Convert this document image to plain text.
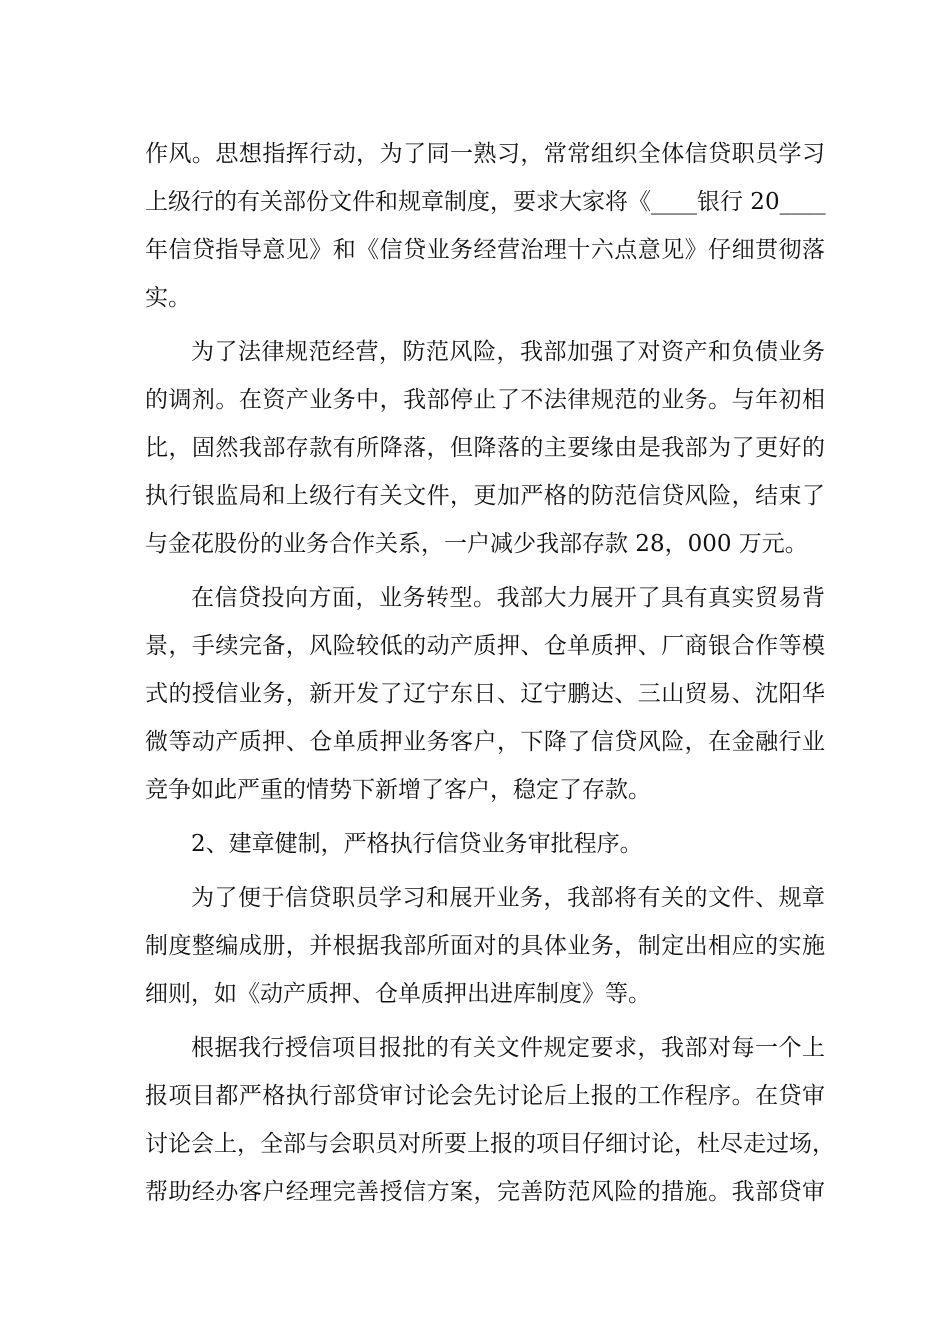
作风。思想指挥行动，为了同一熟习，常常组织全体信贷职员学习
上级行的有关部份文件和规章制度，要求大家将《____银行 20____
年信贷指导意见》和《信贷业务经营治理十六点意见》仔细贯彻落
实。
为了法律规范经营，防范风险，我部加强了对资产和负债业务
的调剂。在资产业务中，我部停止了不法律规范的业务。与年初相
比，固然我部存款有所降落，但降落的主要缘由是我部为了更好的
执行银监局和上级行有关文件，更加严格的防范信贷风险，结束了
与金花股份的业务合作关系，一户减少我部存款 28，000 万元。
在信贷投向方面，业务转型。我部大力展开了具有真实贸易背
景，手续完备，风险较低的动产质押、仓单质押、厂商银合作等模
式的授信业务，新开发了辽宁东日、辽宁鹏达、三山贸易、沈阳华
微等动产质押、仓单质押业务客户，下降了信贷风险，在金融行业
竞争如此严重的情势下新增了客户，稳定了存款。
2、建章健制，严格执行信贷业务审批程序。
为了便于信贷职员学习和展开业务，我部将有关的文件、规章
制度整编成册，并根据我部所面对的具体业务，制定出相应的实施
细则，如《动产质押、仓单质押出进库制度》等。
根据我行授信项目报批的有关文件规定要求，我部对每一个上
报项目都严格执行部贷审讨论会先讨论后上报的工作程序。在贷审
讨论会上，全部与会职员对所要上报的项目仔细讨论，杜尽走过场，
帮助经办客户经理完善授信方案，完善防范风险的措施。我部贷审
